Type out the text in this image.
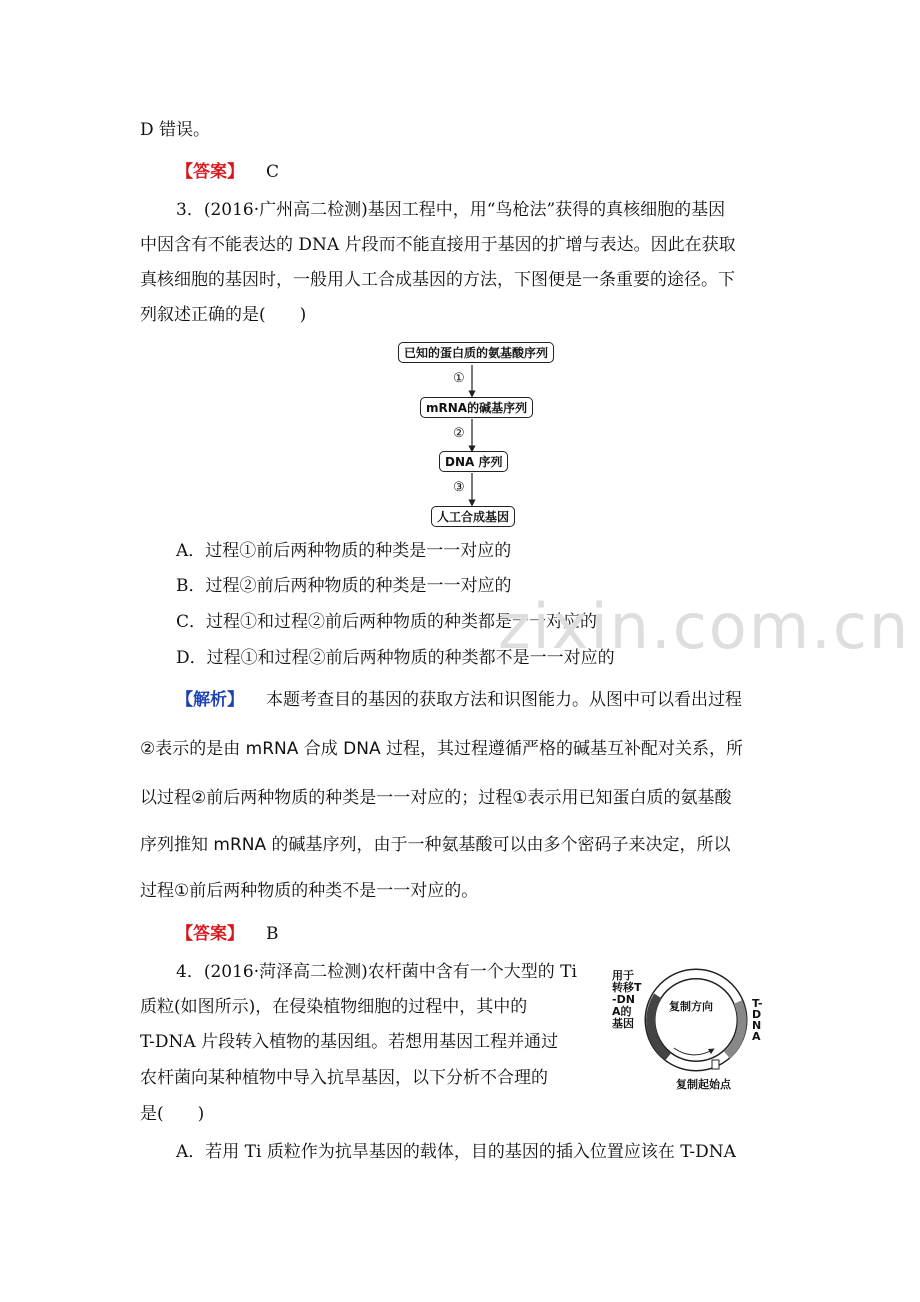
D 错误。
【答案】 C
3．(2016·广州高二检测)基因工程中，用“鸟枪法”获得的真核细胞的基因
中因含有不能表达的 DNA 片段而不能直接用于基因的扩增与表达。因此在获取
真核细胞的基因时，一般用人工合成基因的方法，下图便是一条重要的途径。下
列叙述正确的是(　　)
已知的蛋白质的氨基酸序列
①
mRNA的碱基序列
②
DNA 序列
③
人工合成基因
A．过程①前后两种物质的种类是一一对应的
B．过程②前后两种物质的种类是一一对应的
C．过程①和过程②前后两种物质的种类都是一一对应的
D．过程①和过程②前后两种物质的种类都不是一一对应的
zixin.com.cn
【解析】 本题考查目的基因的获取方法和识图能力。从图中可以看出过程
②表示的是由 mRNA 合成 DNA 过程，其过程遵循严格的碱基互补配对关系，所
以过程②前后两种物质的种类是一一对应的；过程①表示用已知蛋白质的氨基酸
序列推知 mRNA 的碱基序列，由于一种氨基酸可以由多个密码子来决定，所以
过程①前后两种物质的种类不是一一对应的。
【答案】 B
4．(2016·菏泽高二检测)农杆菌中含有一个大型的 Ti
质粒(如图所示)，在侵染植物细胞的过程中，其中的
T-DNA 片段转入植物的基因组。若想用基因工程并通过
农杆菌向某种植物中导入抗旱基因，以下分析不合理的
是(　　)
用于转移T-DNA的基因
复制方向	T-DNA
复制起始点
A．若用 Ti 质粒作为抗旱基因的载体，目的基因的插入位置应该在 T-DNA
